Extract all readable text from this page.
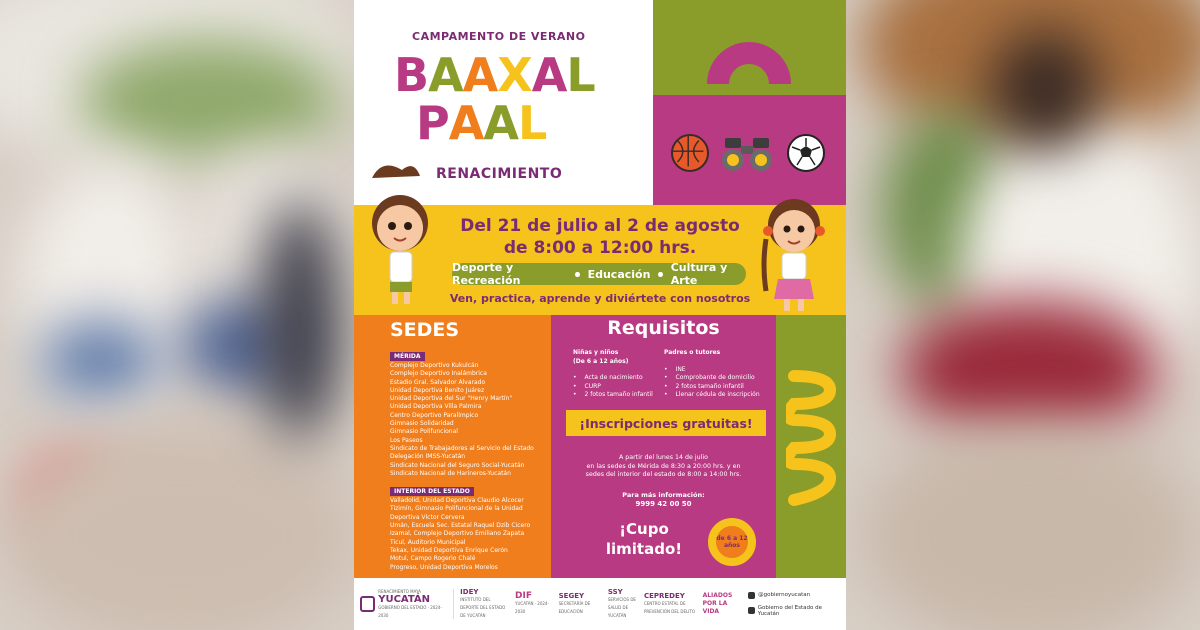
CAMPAMENTO DE VERANO
BAAXAL
PAAL
RENACIMIENTO
Del 21 de julio al 2 de agosto
de 8:00 a 12:00 hrs.
Deporte y Recreación	Educación Cultura y Arte
Ven, practica, aprende y diviértete con nosotros
SEDES
MÉRIDA
Complejo Deportivo Kukulcán
Complejo Deportivo Inalámbrica
Estadio Gral. Salvador Alvarado
Unidad Deportiva Benito Juárez
Unidad Deportiva del Sur "Henry Martín"
Unidad Deportiva Villa Palmira
Centro Deportivo Paralímpico
Gimnasio Solidaridad
Gimnasio Polifuncional
Los Paseos
Sindicato de Trabajadores al Servicio del Estado
Delegación IMSS-Yucatán
Sindicato Nacional del Seguro Social-Yucatán
Sindicato Nacional de Harineros-Yucatán
INTERIOR DEL ESTADO
Valladolid, Unidad Deportiva Claudio Alcocer
Tizimín, Gimnasio Polifuncional de la Unidad
Deportiva Víctor Cervera
Umán, Escuela Sec. Estatal Raquel Dzib Cicero
Izamal, Complejo Deportivo Emiliano Zapata
Ticul, Auditorio Municipal
Tekax, Unidad Deportiva Enrique Cerón
Motul, Campo Rogerio Chalé
Progreso, Unidad Deportiva Morelos
Requisitos
Niñas y niños
(De 6 a 12 años)
• Acta de nacimiento
• CURP
• 2 fotos tamaño infantil
Padres o tutores
• INE
• Comprobante de domicilio
• 2 fotos tamaño infantil
• Llenar cédula de inscripción
¡Inscripciones gratuitas!
A partir del lunes 14 de julio
en las sedes de Mérida de 8:30 a 20:00 hrs. y en
sedes del interior del estado de 8:00 a 14:00 hrs.
Para más información:
9999 42 00 50
¡Cupo
limitado!
de 6 a 12 años
RENACIMIENTO MAYA
YUCATÁN
GOBIERNO DEL ESTADO · 2024-2030
IDEY
INSTITUTO DEL DEPORTE DEL ESTADO DE YUCATÁN
DIF
YUCATÁN · 2024-2030
SEGEY
SECRETARÍA DE EDUCACIÓN
SSY
SERVICIOS DE SALUD DE YUCATÁN
CEPREDEY
CENTRO ESTATAL DE PREVENCIÓN DEL DELITO
ALIADOS POR LA VIDA
@gobiernoyucatan
Gobierno del Estado de Yucatán
